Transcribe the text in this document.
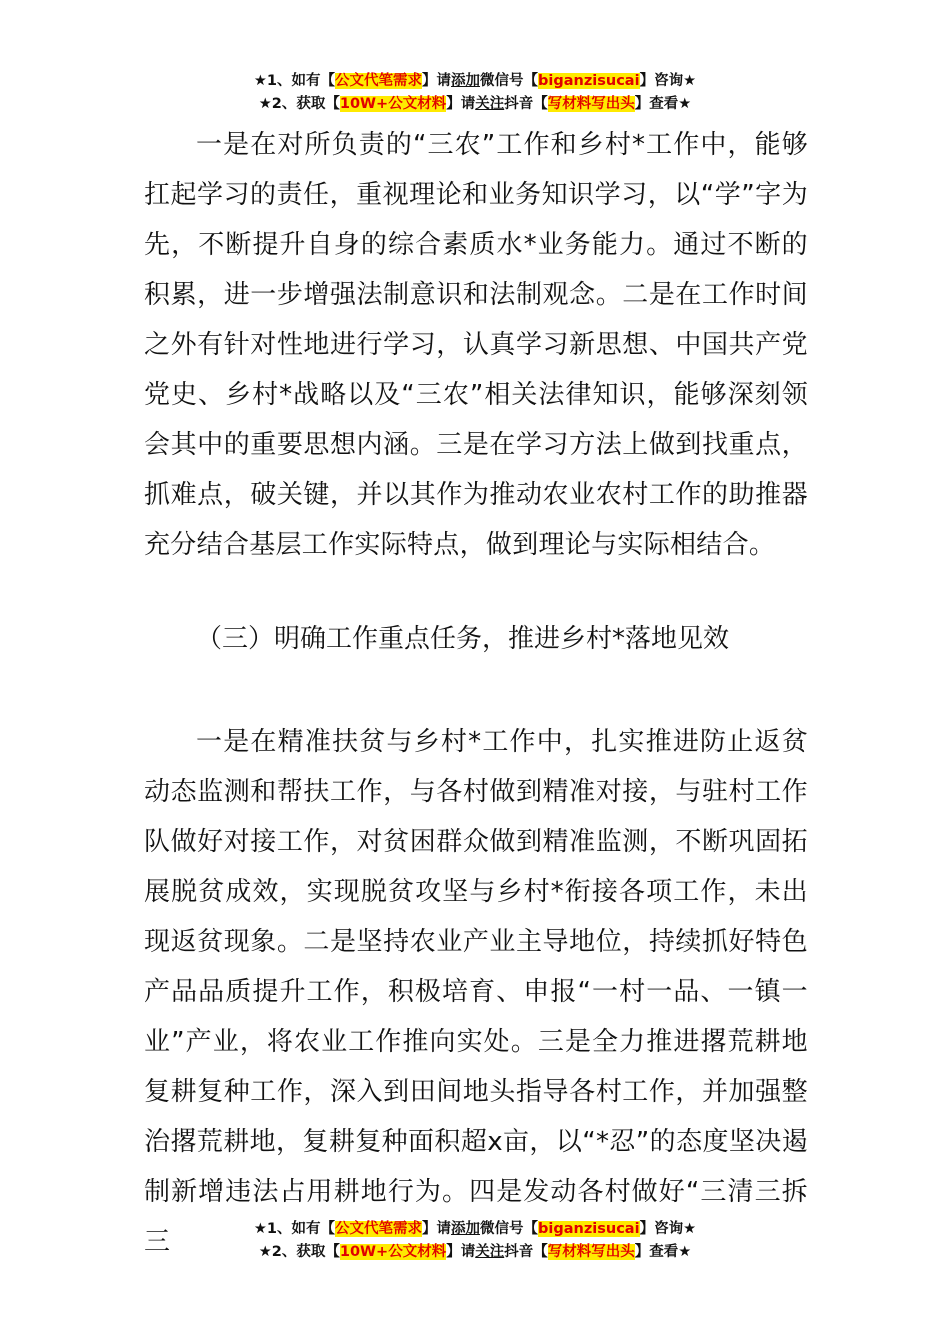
★1、如有【公文代笔需求】请添加微信号【biganzisucai】咨询★
★2、获取【10W+公文材料】请关注抖音【写材料写出头】查看★

一是在对所负责的“三农”工作和乡村*工作中，能够扛起学习的责任，重视理论和业务知识学习，以“学”字为先，不断提升自身的综合素质水*业务能力。通过不断的积累，进一步增强法制意识和法制观念。二是在工作时间之外有针对性地进行学习，认真学习新思想、中国共产党党史、乡村*战略以及“三农”相关法律知识，能够深刻领会其中的重要思想内涵。三是在学习方法上做到找重点，抓难点，破关键，并以其作为推动农业农村工作的助推器充分结合基层工作实际特点，做到理论与实际相结合。

（三）明确工作重点任务，推进乡村*落地见效

一是在精准扶贫与乡村*工作中，扎实推进防止返贫动态监测和帮扶工作，与各村做到精准对接，与驻村工作队做好对接工作，对贫困群众做到精准监测，不断巩固拓展脱贫成效，实现脱贫攻坚与乡村*衔接各项工作，未出现返贫现象。二是坚持农业产业主导地位，持续抓好特色产品品质提升工作，积极培育、申报“一村一品、一镇一业”产业，将农业工作推向实处。三是全力推进撂荒耕地复耕复种工作，深入到田间地头指导各村工作，并加强整治撂荒耕地，复耕复种面积超x亩，以“*忍”的态度坚决遏制新增违法占用耕地行为。四是发动各村做好“三清三拆三	★1、如有【公文代笔需求】请添加微信号【biganzisucai】咨询★
★2、获取【10W+公文材料】请关注抖音【写材料写出头】查看★
